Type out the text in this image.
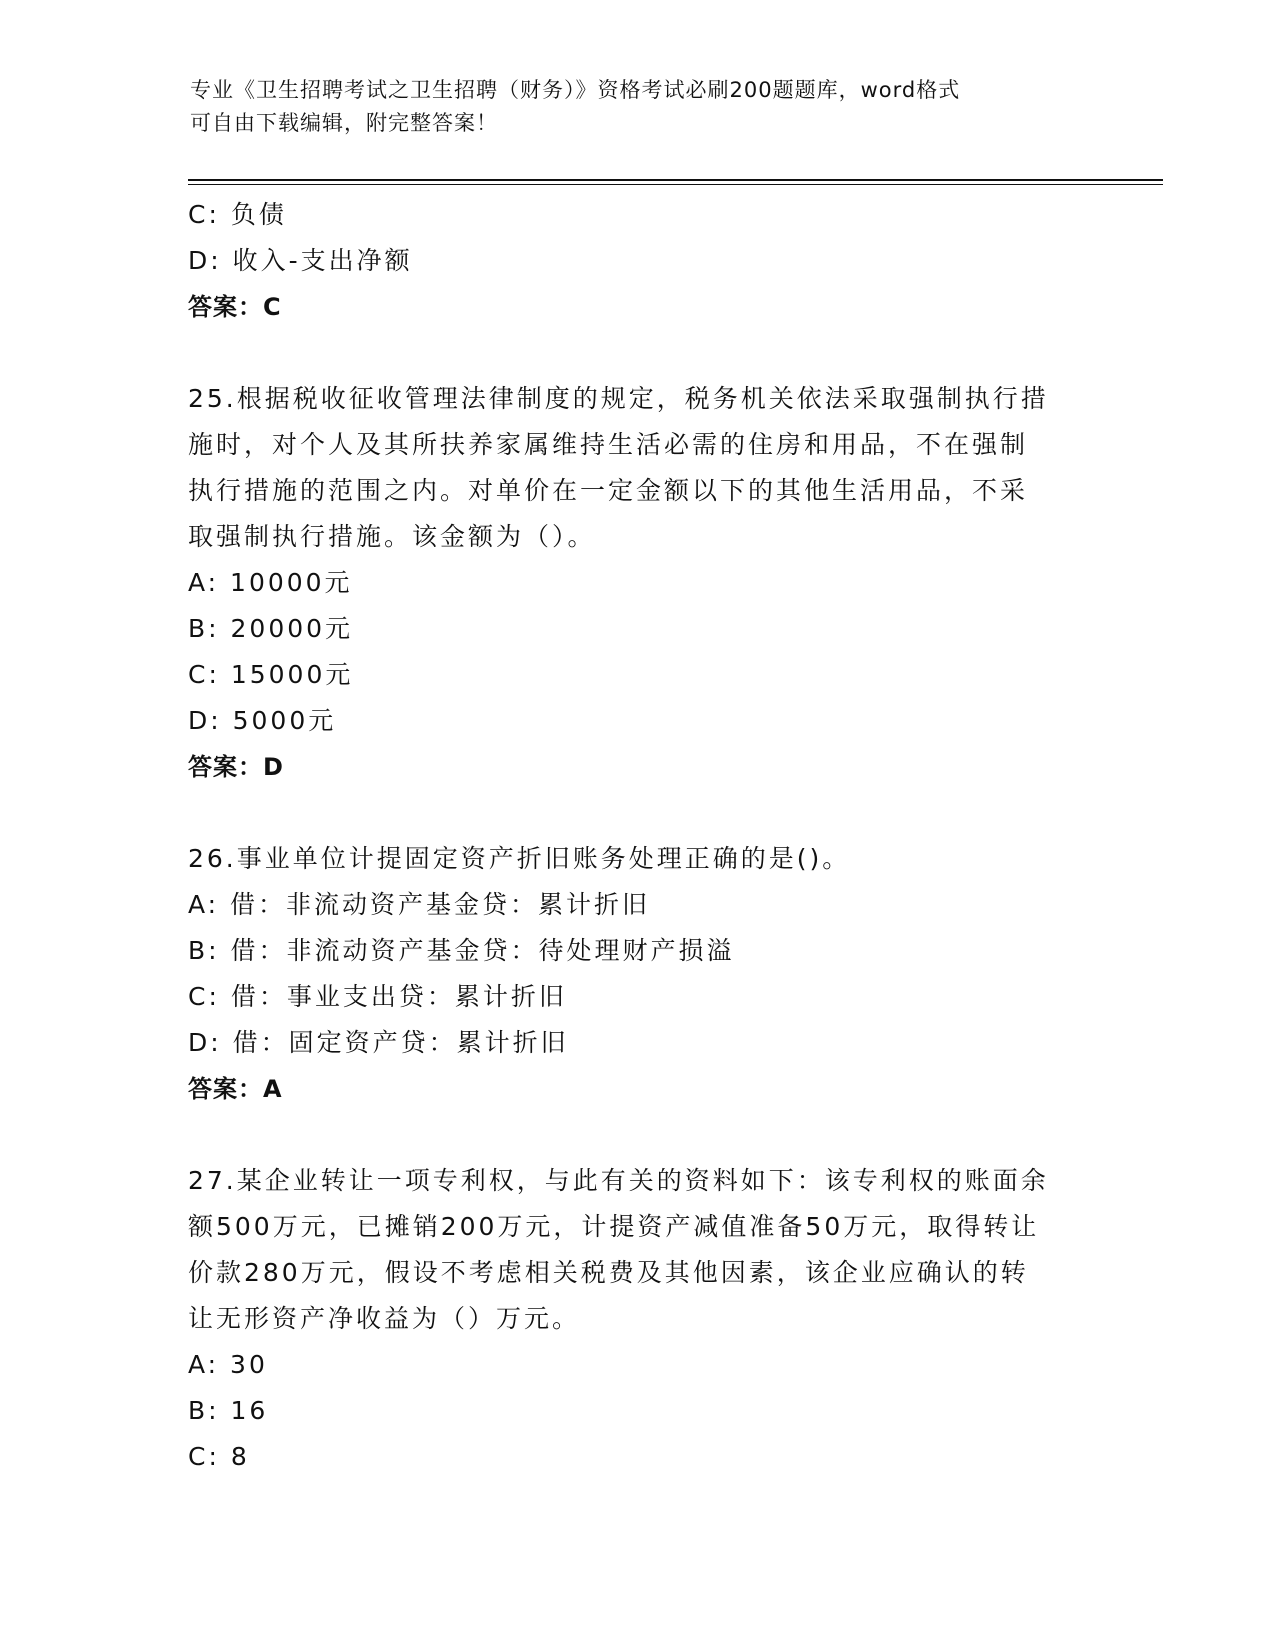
专业《卫生招聘考试之卫生招聘（财务）》资格考试必刷200题题库，word格式
可自由下载编辑，附完整答案！
C: 负债
D: 收入-支出净额
答案：C
25.根据税收征收管理法律制度的规定，税务机关依法采取强制执行措
施时，对个人及其所扶养家属维持生活必需的住房和用品，不在强制
执行措施的范围之内。对单价在一定金额以下的其他生活用品，不采
取强制执行措施。该金额为（）。
A: 10000元
B: 20000元
C: 15000元
D: 5000元
答案：D
26.事业单位计提固定资产折旧账务处理正确的是()。
A: 借：非流动资产基金贷：累计折旧
B: 借：非流动资产基金贷：待处理财产损溢
C: 借：事业支出贷：累计折旧
D: 借：固定资产贷：累计折旧
答案：A
27.某企业转让一项专利权，与此有关的资料如下：该专利权的账面余
额500万元，已摊销200万元，计提资产减值准备50万元，取得转让
价款280万元，假设不考虑相关税费及其他因素，该企业应确认的转
让无形资产净收益为（）万元。
A: 30
B: 16
C: 8
